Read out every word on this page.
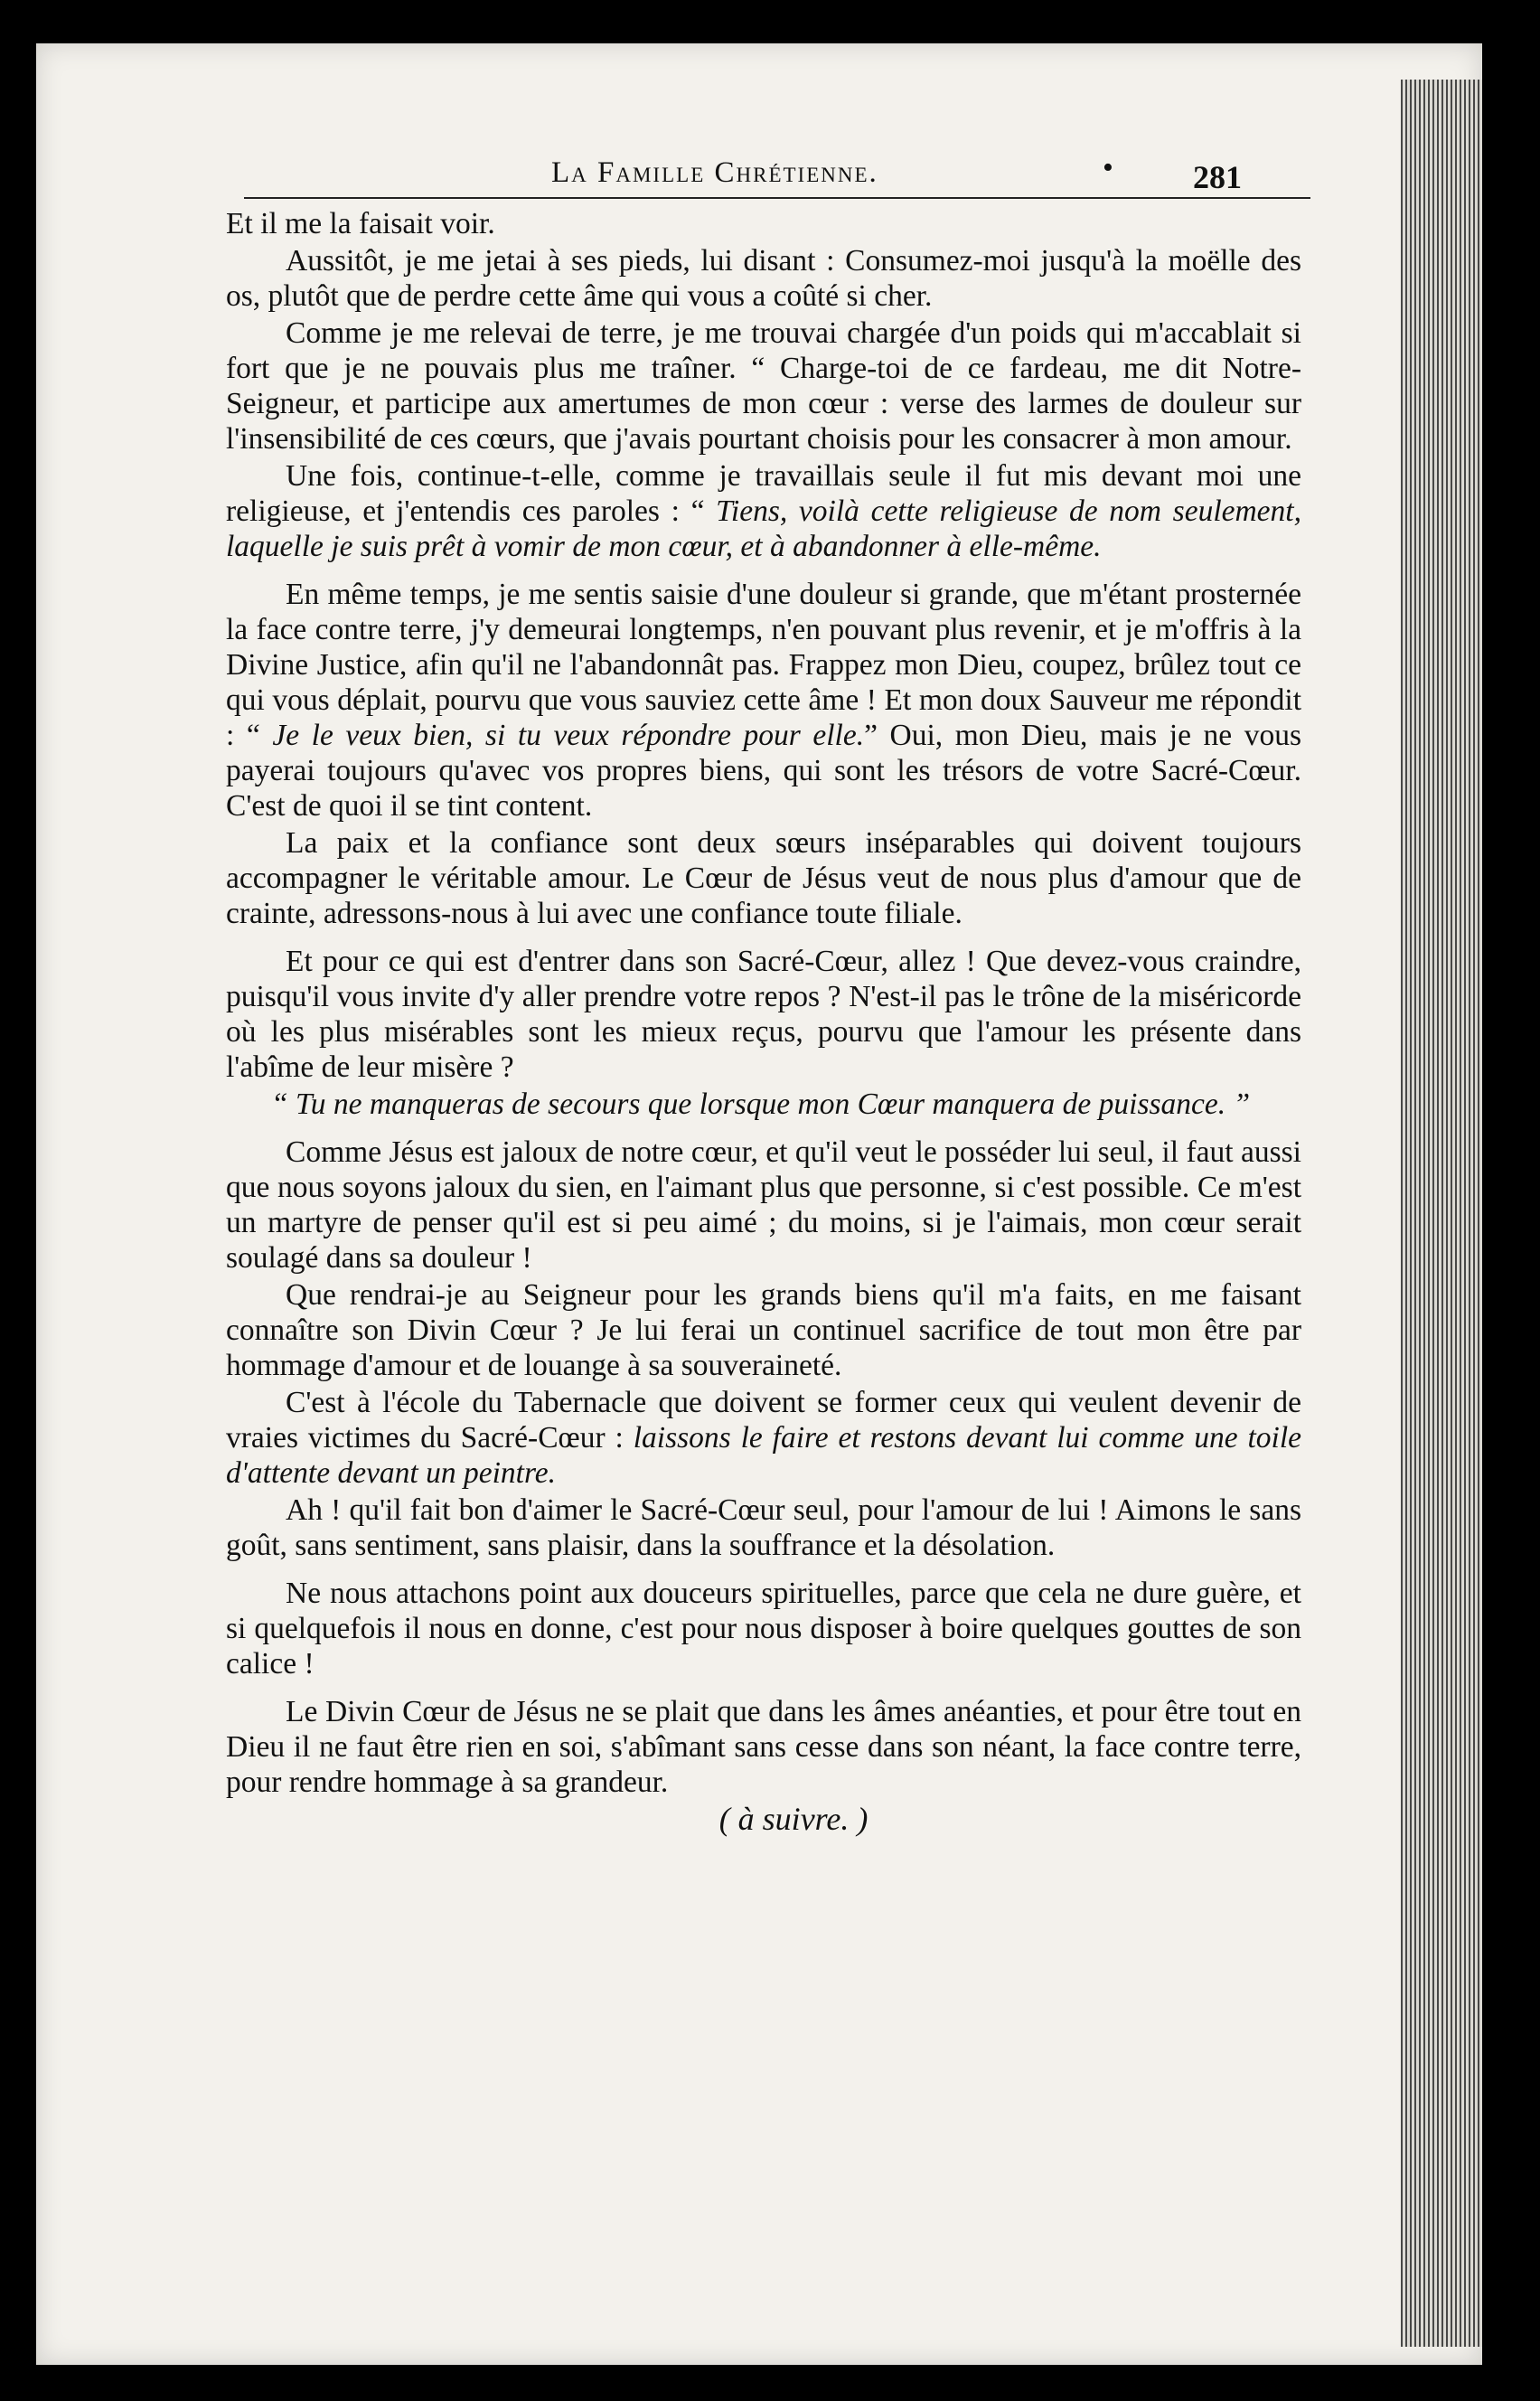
La Famille Chrétienne.	• 281

Et il me la faisait voir.

Aussitôt, je me jetai à ses pieds, lui disant : Consumez-moi jusqu'à la moëlle des os, plutôt que de perdre cette âme qui vous a coûté si cher.

Comme je me relevai de terre, je me trouvai chargée d'un poids qui m'accablait si fort que je ne pouvais plus me traîner. “ Charge-toi de ce fardeau, me dit Notre-Seigneur, et participe aux amertumes de mon cœur : verse des larmes de douleur sur l'insensibilité de ces cœurs, que j'avais pourtant choisis pour les consacrer à mon amour.

Une fois, continue-t-elle, comme je travaillais seule il fut mis devant moi une religieuse, et j'entendis ces paroles : “ Tiens, voilà cette religieuse de nom seulement, laquelle je suis prêt à vomir de mon cœur, et à abandonner à elle-même.

En même temps, je me sentis saisie d'une douleur si grande, que m'étant prosternée la face contre terre, j'y demeurai longtemps, n'en pouvant plus revenir, et je m'offris à la Divine Justice, afin qu'il ne l'abandonnât pas. Frappez mon Dieu, coupez, brûlez tout ce qui vous déplait, pourvu que vous sauviez cette âme ! Et mon doux Sauveur me répondit : “ Je le veux bien, si tu veux répondre pour elle.” Oui, mon Dieu, mais je ne vous payerai toujours qu'avec vos propres biens, qui sont les trésors de votre Sacré-Cœur. C'est de quoi il se tint content.

La paix et la confiance sont deux sœurs inséparables qui doivent toujours accompagner le véritable amour. Le Cœur de Jésus veut de nous plus d'amour que de crainte, adressons-nous à lui avec une confiance toute filiale.

Et pour ce qui est d'entrer dans son Sacré-Cœur, allez ! Que devez-vous craindre, puisqu'il vous invite d'y aller prendre votre repos ? N'est-il pas le trône de la miséricorde où les plus misérables sont les mieux reçus, pourvu que l'amour les présente dans l'abîme de leur misère ?

“ Tu ne manqueras de secours que lorsque mon Cœur manquera de puissance. ”

Comme Jésus est jaloux de notre cœur, et qu'il veut le posséder lui seul, il faut aussi que nous soyons jaloux du sien, en l'aimant plus que personne, si c'est possible. Ce m'est un martyre de penser qu'il est si peu aimé ; du moins, si je l'aimais, mon cœur serait soulagé dans sa douleur !

Que rendrai-je au Seigneur pour les grands biens qu'il m'a faits, en me faisant connaître son Divin Cœur ? Je lui ferai un continuel sacrifice de tout mon être par hommage d'amour et de louange à sa souveraineté.

C'est à l'école du Tabernacle que doivent se former ceux qui veulent devenir de vraies victimes du Sacré-Cœur : laissons le faire et restons devant lui comme une toile d'attente devant un peintre.

Ah ! qu'il fait bon d'aimer le Sacré-Cœur seul, pour l'amour de lui ! Aimons le sans goût, sans sentiment, sans plaisir, dans la souffrance et la désolation.

Ne nous attachons point aux douceurs spirituelles, parce que cela ne dure guère, et si quelquefois il nous en donne, c'est pour nous disposer à boire quelques gouttes de son calice !

Le Divin Cœur de Jésus ne se plait que dans les âmes anéanties, et pour être tout en Dieu il ne faut être rien en soi, s'abîmant sans cesse dans son néant, la face contre terre, pour rendre hommage à sa grandeur.

( à suivre. )
